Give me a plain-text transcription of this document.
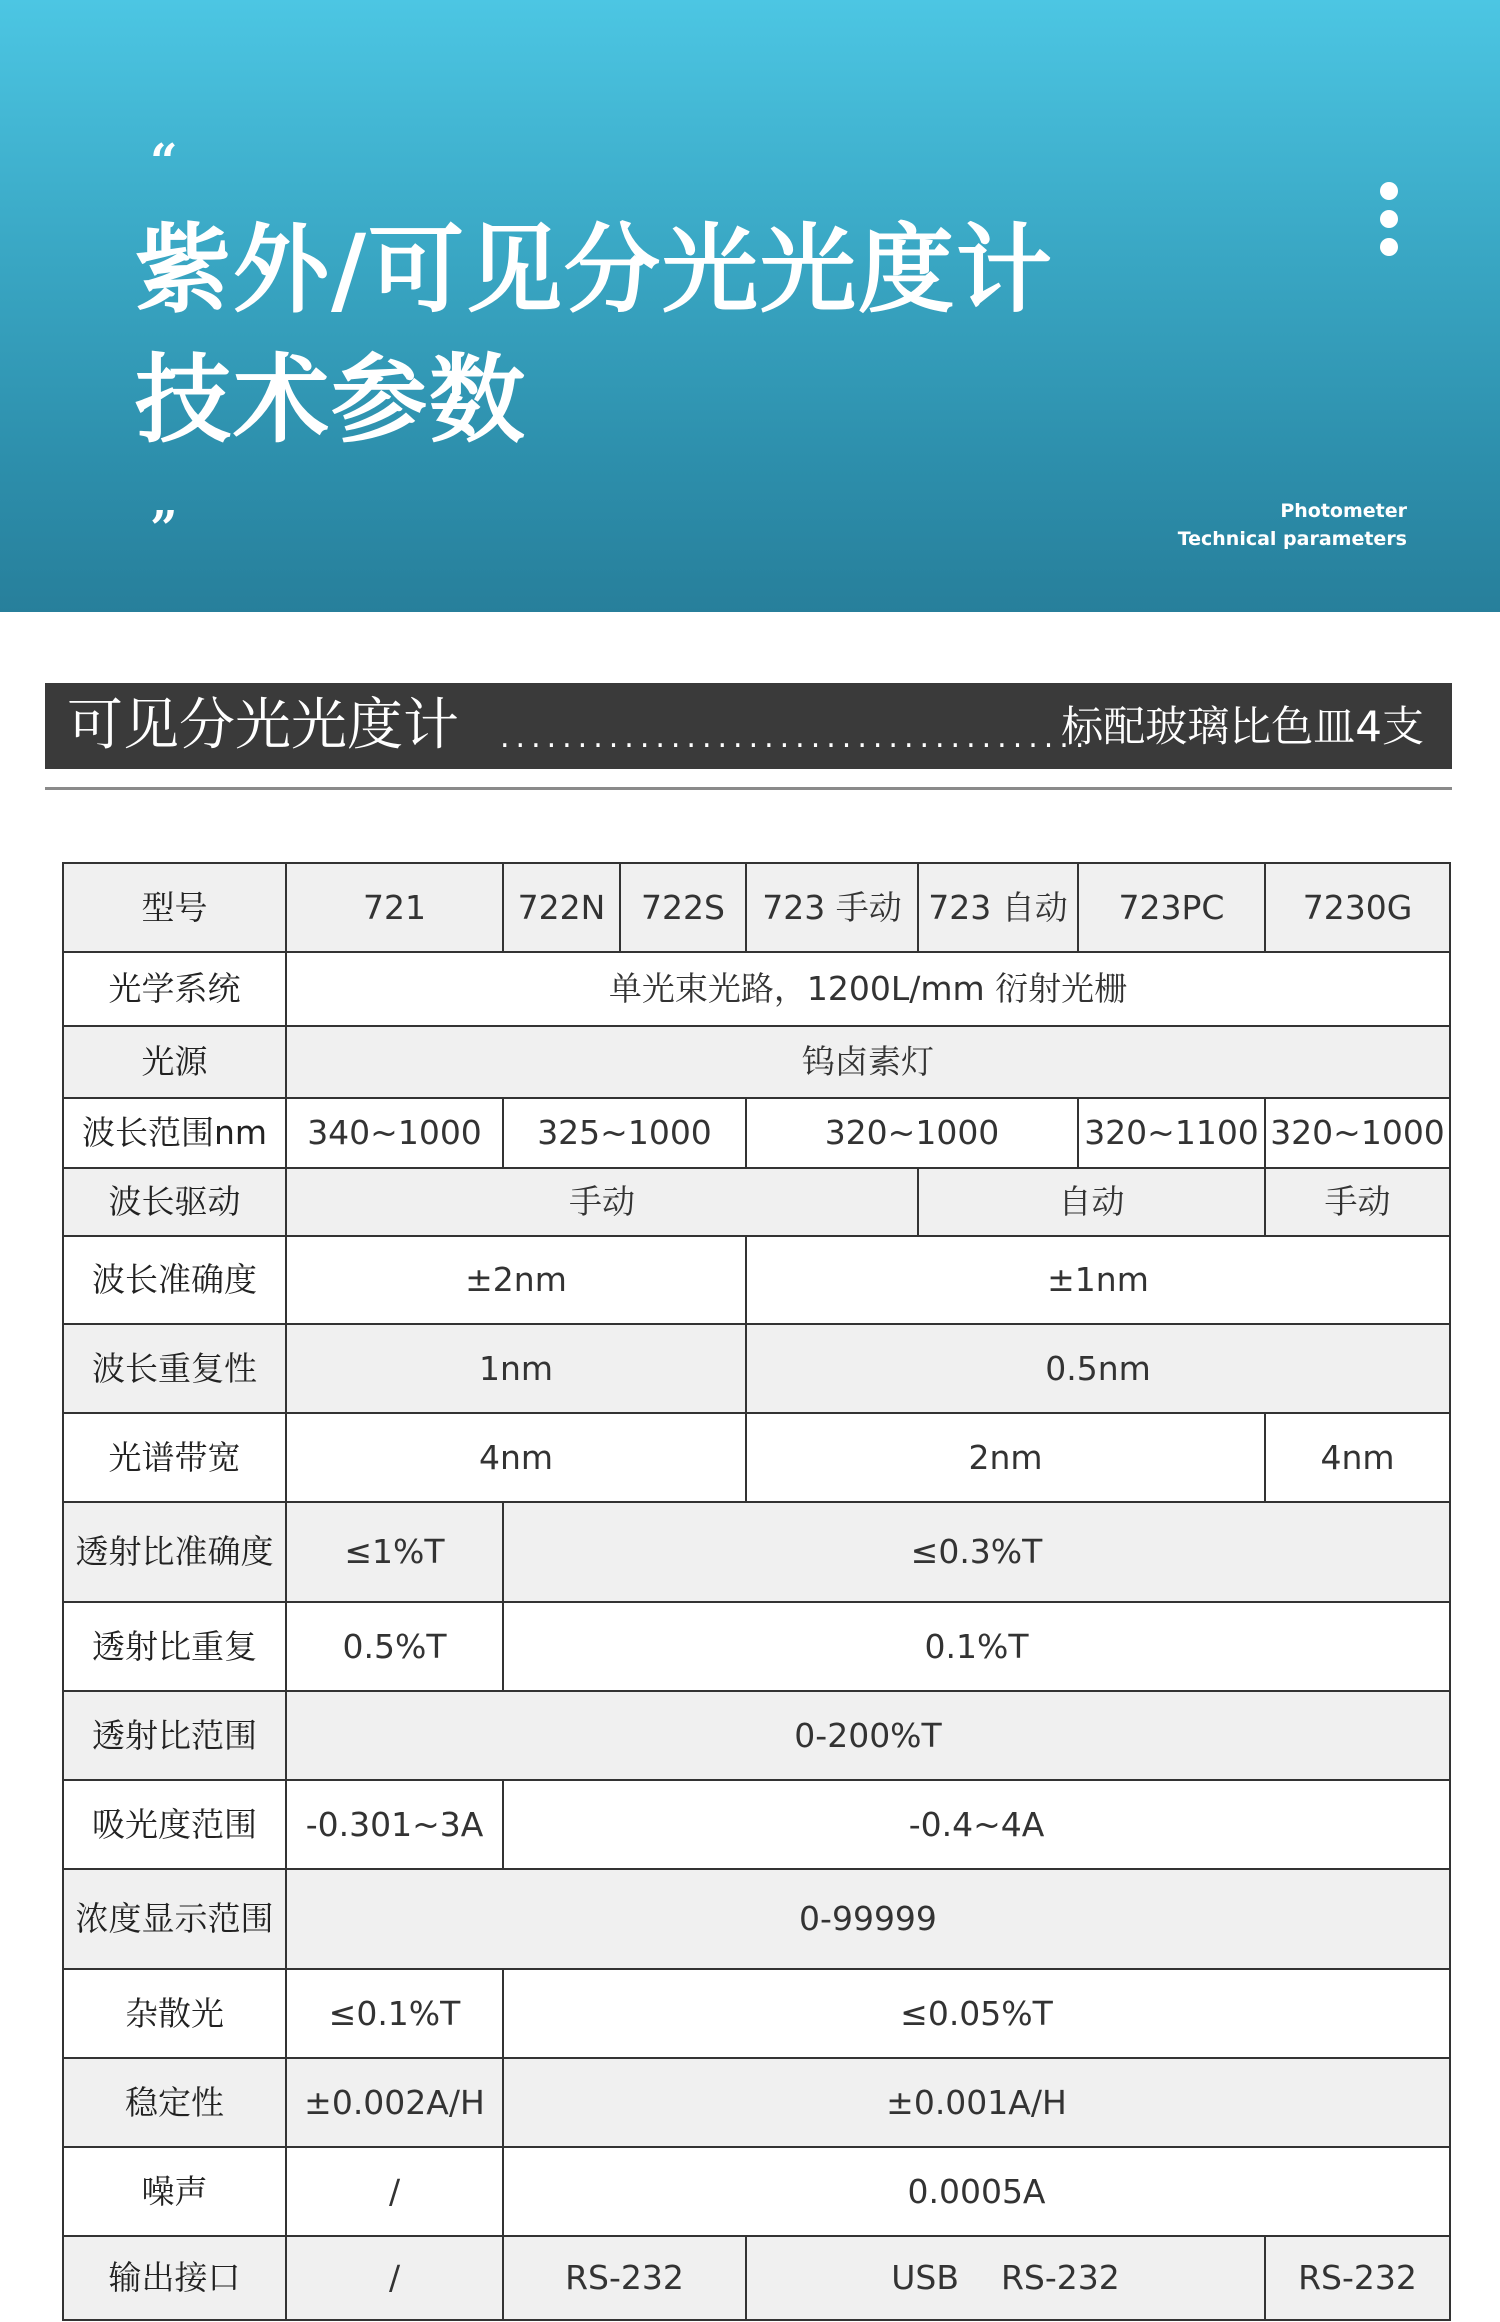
“
紫外/可见分光光度计
技术参数
”	Photometer
Technical parameters
可见分光光度计 ......................................
标配玻璃比色皿4支
型号	721	722N	722S	723 手动	723 自动	723PC	7230G
光学系统	单光束光路，1200L/mm 衍射光栅						
光源	钨卤素灯						
波长范围nm	340~1000	325~1000		320~1000		320~1100	320~1000
波长驱动	手动				自动		手动
波长准确度	±2nm			±1nm			
波长重复性	1nm			0.5nm			
光谱带宽	4nm			2nm			4nm
透射比准确度	≤1%T	≤0.3%T					
透射比重复	0.5%T	0.1%T					
透射比范围	0-200%T						
吸光度范围	-0.301~3A	-0.4~4A					
浓度显示范围	0-99999						
杂散光	≤0.1%T	≤0.05%T					
稳定性	±0.002A/H	±0.001A/H					
噪声	/	0.0005A					
输出接口	/	RS-232		USB    RS-232			RS-232
